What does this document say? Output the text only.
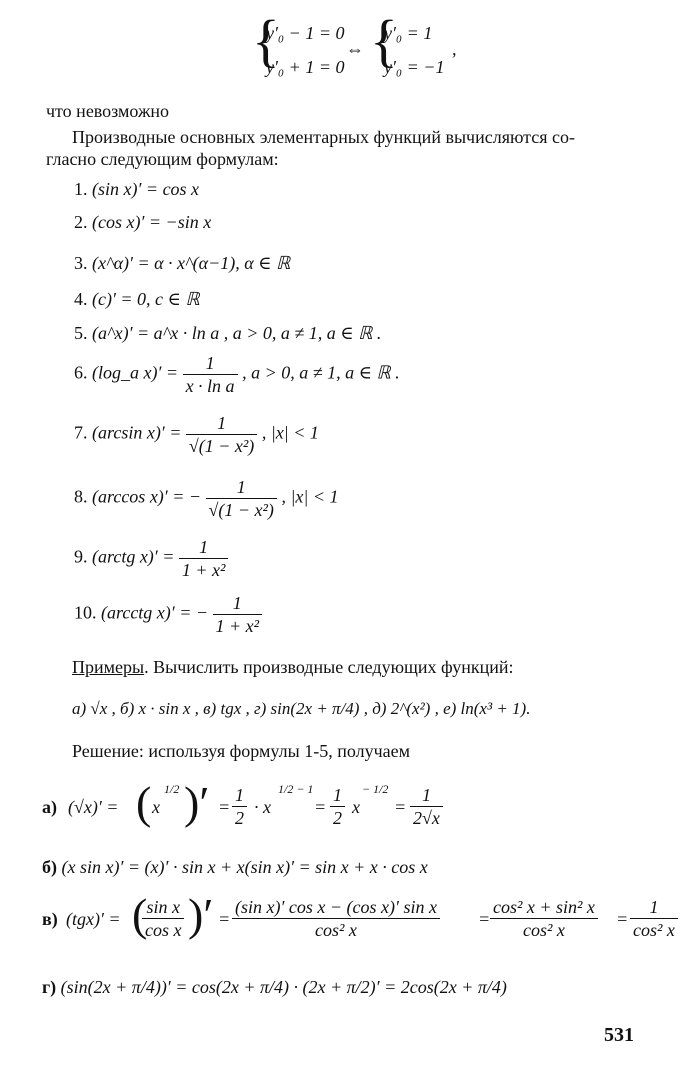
{
y′₀ − 1 = 0
y′₀ + 1 = 0
⇔ {
y′₀ = 1
y′₀ = −1
,
что невозможно
Производные основных элементарных функций вычисляются со-
гласно следующим формулам:
1. (sin x)′ = cos x
2. (cos x)′ = −sin x
3. (x^α)′ = α · x^(α−1), α ∈ ℝ
4. (c)′ = 0, c ∈ ℝ
5. (a^x)′ = a^x · ln a , a > 0, a ≠ 1, a ∈ ℝ .
6. (log_a $x)' = \frac{1}{\text{x · ln a}}$ , a > 0, a ≠ 1, a ∈ ℝ .
7. (arcsin $x)' = \frac{1}{\text{√(1 − x²)}}$ , |x| < 1
8. (arccos x)′ = − $\frac{1}{\text{√(1 − x²)}}$ , |x| < 1
9. (arctg $x)' = \frac{1}{\text{1 + x²}}$
10. (arcctg x)′ = − $\frac{1}{\text{1 + x²}}$
Примеры. Вычислить производные следующих функций:
а) √x , б) x · sin x , в) tgx , г) sin(2x + π/4) , д) 2^(x²) , е) ln(x³ + 1).
Решение: используя формулы 1-5, получаем
а) (√x)′ = ( x
1/2 )′ = $\frac{1}{2} \cdot x$
1/2 − 1
= $\frac{1}{2}$ x
− 1/2
= $\frac{1}{2√x}$
б) (x sin x)′ = (x)′ · sin x + x(sin x)′ = sin x + x · cos x
в) (tgx)′ = (
$\frac{\text{sin x}}{\text{cos x}}$ )′ = $\frac{\text{(sin x)′ cos x − (cos x)′ sin x}}{\text{cos² x}} = \frac{\text{cos² x + sin² x}}{\text{cos² x}} = \frac{1}{\text{cos² x}}$
г) (sin(2x + π/4))′ = cos(2x + π/4) · (2x + π/2)′ = 2cos(2x + π/4)
531
